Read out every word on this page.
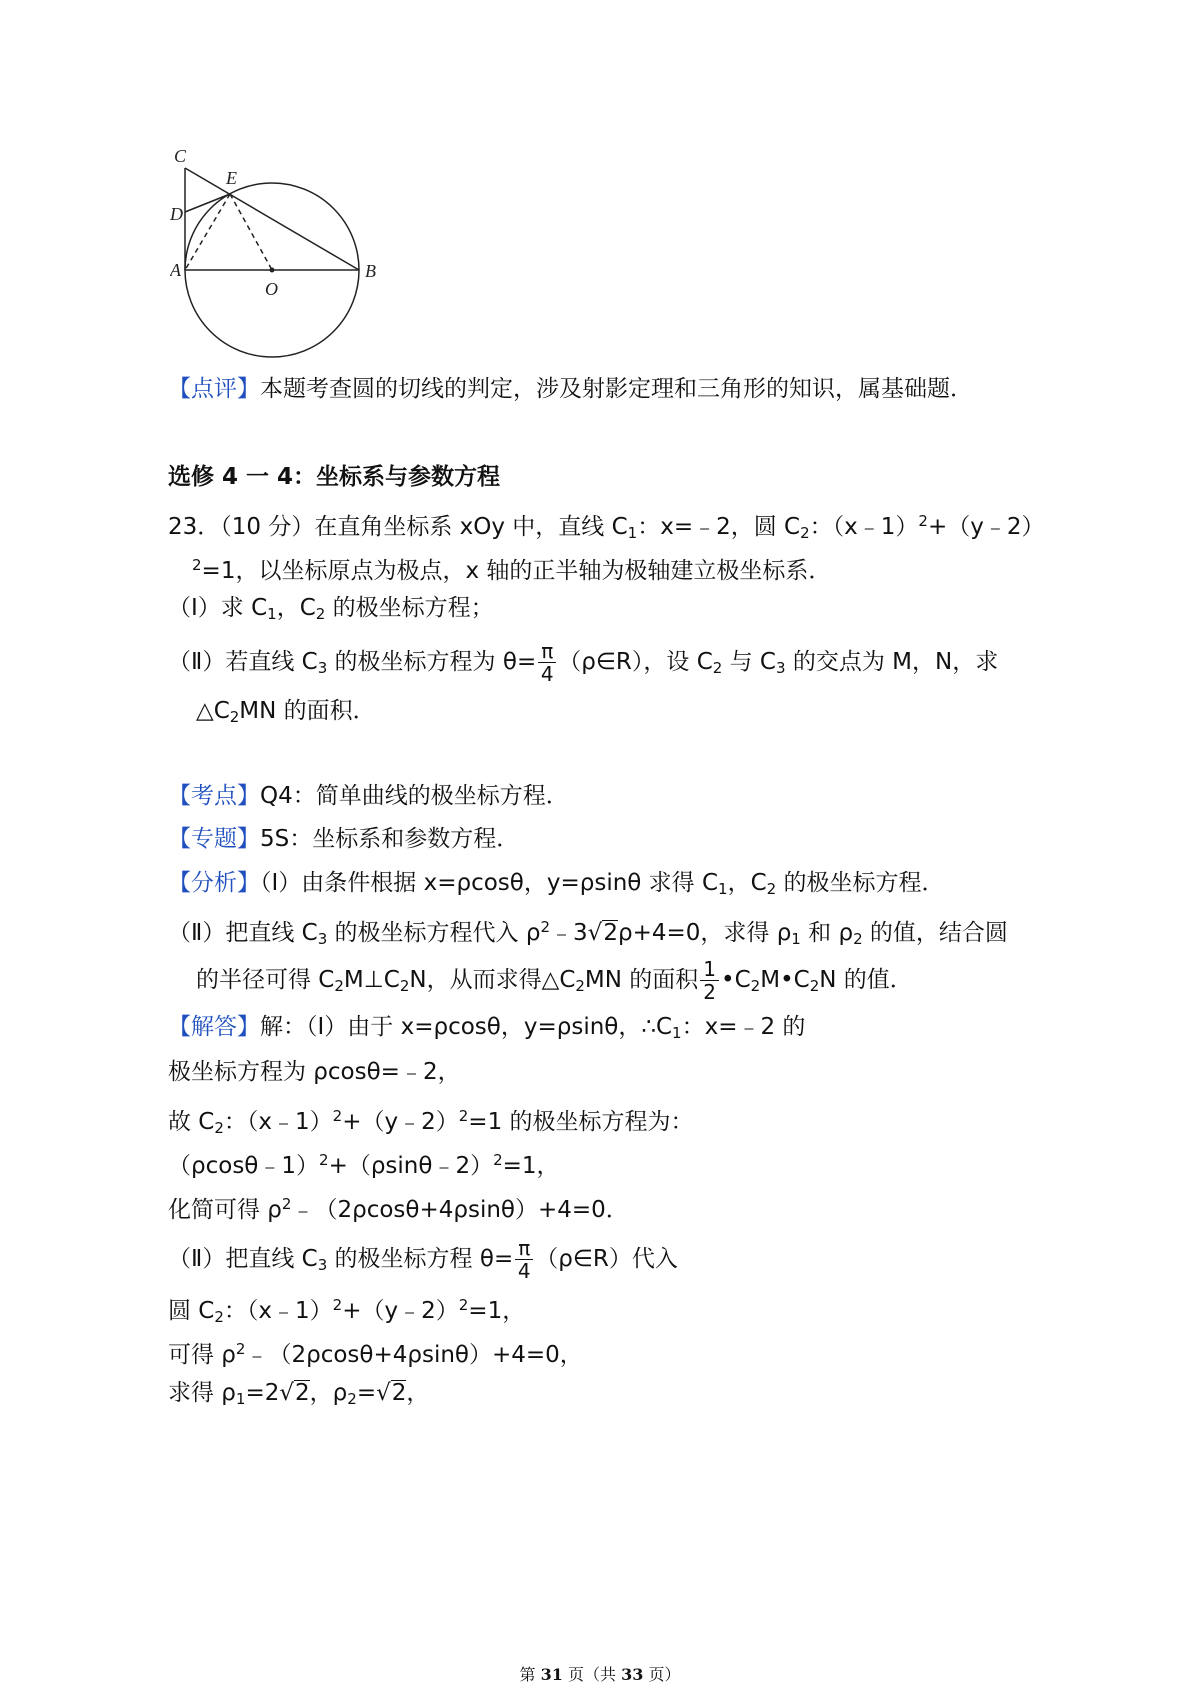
C
E
D
A
O
B
【点评】本题考查圆的切线的判定，涉及射影定理和三角形的知识，属基础题．
选修 4 一 4：坐标系与参数方程
23．（10 分）在直角坐标系 xOy 中，直线 $C_1$：x=﹣2，圆 $C_2$：（x﹣1）$^2$+（y﹣2）
$^2$=1，以坐标原点为极点，x 轴的正半轴为极轴建立极坐标系．
（Ⅰ）求 $C_1$，$C_2$ 的极坐标方程；
（Ⅱ）若直线 $C_3$ 的极坐标方程为 $\theta= \frac{\pi}{4}$ （ρ∈R），设 $C_2$ 与 $C_3$ 的交点为 M，N，求
$\triangle C_2MN$ 的面积．
【考点】Q4：简单曲线的极坐标方程．
【专题】5S：坐标系和参数方程．
【分析】（Ⅰ）由条件根据 x=ρcosθ，y=ρsinθ 求得 $C_1$，$C_2$ 的极坐标方程．
（Ⅱ）把直线 $C_3$ 的极坐标方程代入 $\rho^2﹣3√2\rho+4=0$，求得 $\rho_1$ 和 $\rho_2$ 的值，结合圆
的半径可得 $C_2M\perp C_2N$，从而求得$\triangle C_2MN$ 的面积 $\frac{1}{2}$ $•C_2M•C_2N$ 的值．
【解答】解：（Ⅰ）由于 x=ρcosθ，y=ρsinθ，$\therefore C_1$：x=﹣2 的
极坐标方程为 ρcosθ=﹣2，
故 $C_2$：（x﹣1）$^2$+（y﹣2）$^2$=1 的极坐标方程为：
（ρcosθ﹣1）$^2$+（ρsinθ﹣2）$^2$=1，
化简可得 $\rho^2﹣(2\rho\cos\theta+4\rho\sin\theta)+4=0$．
（Ⅱ）把直线 $C_3$ 的极坐标方程 $\theta= \frac{\pi}{4}$ （ρ∈R）代入
圆 $C_2$：（x﹣1）$^2$+（y﹣2）$^2$=1，
可得 $\rho^2﹣(2\rho\cos\theta+4\rho\sin\theta)+4=0$，
求得 $\rho_1=2√2$，$\rho_2=√2$，
第 31 页（共 33 页）
